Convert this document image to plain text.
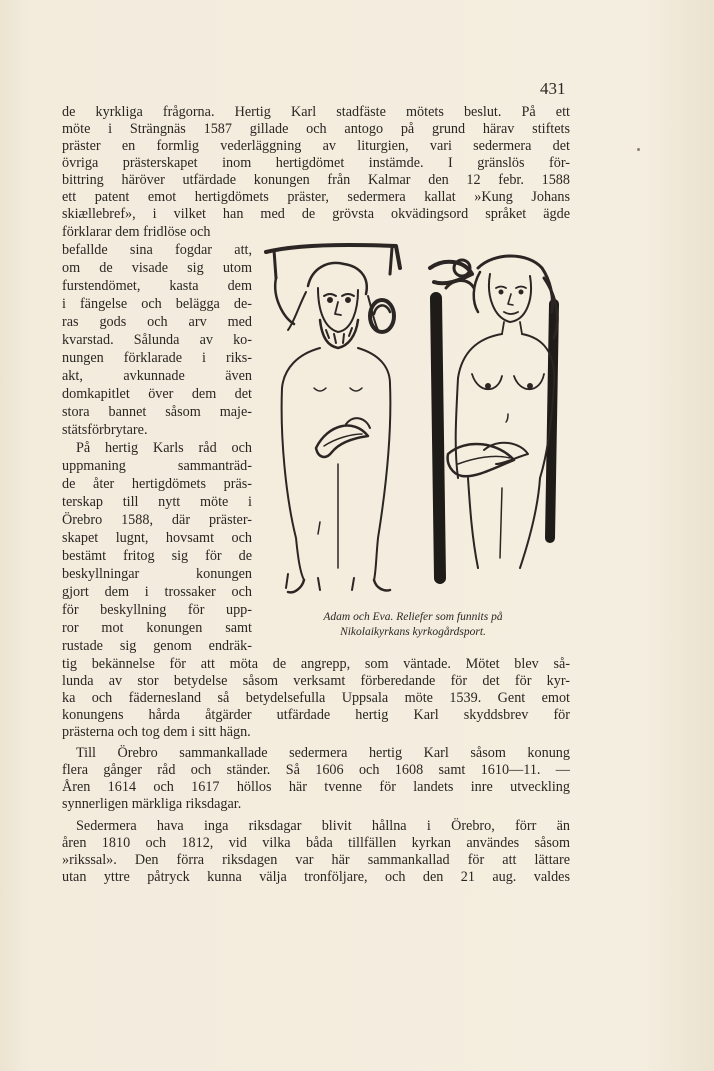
431

de kyrkliga frågorna. Hertig Karl stadfäste mötets beslut. På ett

möte i Strängnäs 1587 gillade och antogo på grund härav stiftets

präster en formlig vederläggning av liturgien, vari sedermera det

övriga prästerskapet inom hertigdömet instämde. I gränslös för-

bittring häröver utfärdade konungen från Kalmar den 12 febr. 1588

ett patent emot hertigdömets präster, sedermera kallat »Kung Johans

skiællebref», i vilket han med de grövsta okvädingsord språket ägde

förklarar dem fridlöse och

befallde sina fogdar att,

om de visade sig utom

furstendömet, kasta dem

i fängelse och belägga de-

ras gods och arv med

kvarstad. Sålunda av ko-

nungen förklarade i riks-

akt, avkunnade även

domkapitlet över dem det

stora bannet såsom maje-

stätsförbrytare.

På hertig Karls råd och

uppmaning sammanträd-

de åter hertigdömets präs-

terskap till nytt möte i

Örebro 1588, där präster-

skapet lugnt, hovsamt och

bestämt fritog sig för de

beskyllningar konungen

gjort dem i trossaker och

för beskyllning för upp-

ror mot konungen samt

rustade sig genom endräk-

Adam och Eva. Reliefer som funnits på

Nikolaikyrkans kyrkogårdsport.

tig bekännelse för att möta de angrepp, som väntade. Mötet blev så-

lunda av stor betydelse såsom verksamt förberedande för det för kyr-

ka och fädernesland så betydelsefulla Uppsala möte 1539. Gent emot

konungens hårda åtgärder utfärdade hertig Karl skyddsbrev för

prästerna och tog dem i sitt hägn.

Till Örebro sammankallade sedermera hertig Karl såsom konung

flera gånger råd och ständer. Så 1606 och 1608 samt 1610—11. —

Åren 1614 och 1617 höllos här tvenne för landets inre utveckling

synnerligen märkliga riksdagar.

Sedermera hava inga riksdagar blivit hållna i Örebro, förr än

åren 1810 och 1812, vid vilka båda tillfällen kyrkan användes såsom

»rikssal». Den förra riksdagen var här sammankallad för att lättare

utan yttre påtryck kunna välja tronföljare, och den 21 aug. valdes
